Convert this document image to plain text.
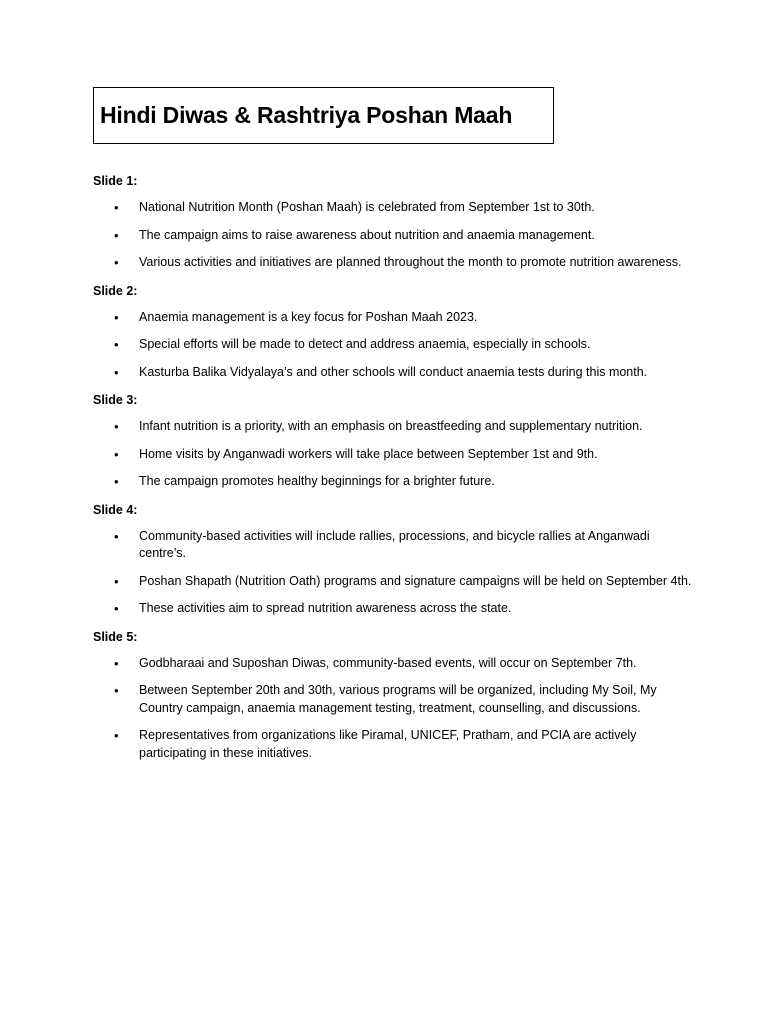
Hindi Diwas & Rashtriya Poshan Maah
Slide 1:
• National Nutrition Month (Poshan Maah) is celebrated from September 1st to 30th.
• The campaign aims to raise awareness about nutrition and anaemia management.
• Various activities and initiatives are planned throughout the month to promote nutrition awareness.
Slide 2:
• Anaemia management is a key focus for Poshan Maah 2023.
• Special efforts will be made to detect and address anaemia, especially in schools.
• Kasturba Balika Vidyalaya’s and other schools will conduct anaemia tests during this month.
Slide 3:
• Infant nutrition is a priority, with an emphasis on breastfeeding and supplementary nutrition.
• Home visits by Anganwadi workers will take place between September 1st and 9th.
• The campaign promotes healthy beginnings for a brighter future.
Slide 4:
• Community-based activities will include rallies, processions, and bicycle rallies at Anganwadi centre’s.
• Poshan Shapath (Nutrition Oath) programs and signature campaigns will be held on September 4th.
• These activities aim to spread nutrition awareness across the state.
Slide 5:
• Godbharaai and Suposhan Diwas, community-based events, will occur on September 7th.
• Between September 20th and 30th, various programs will be organized, including My Soil, My Country campaign, anaemia management testing, treatment, counselling, and discussions.
• Representatives from organizations like Piramal, UNICEF, Pratham, and PCIA are actively participating in these initiatives.
